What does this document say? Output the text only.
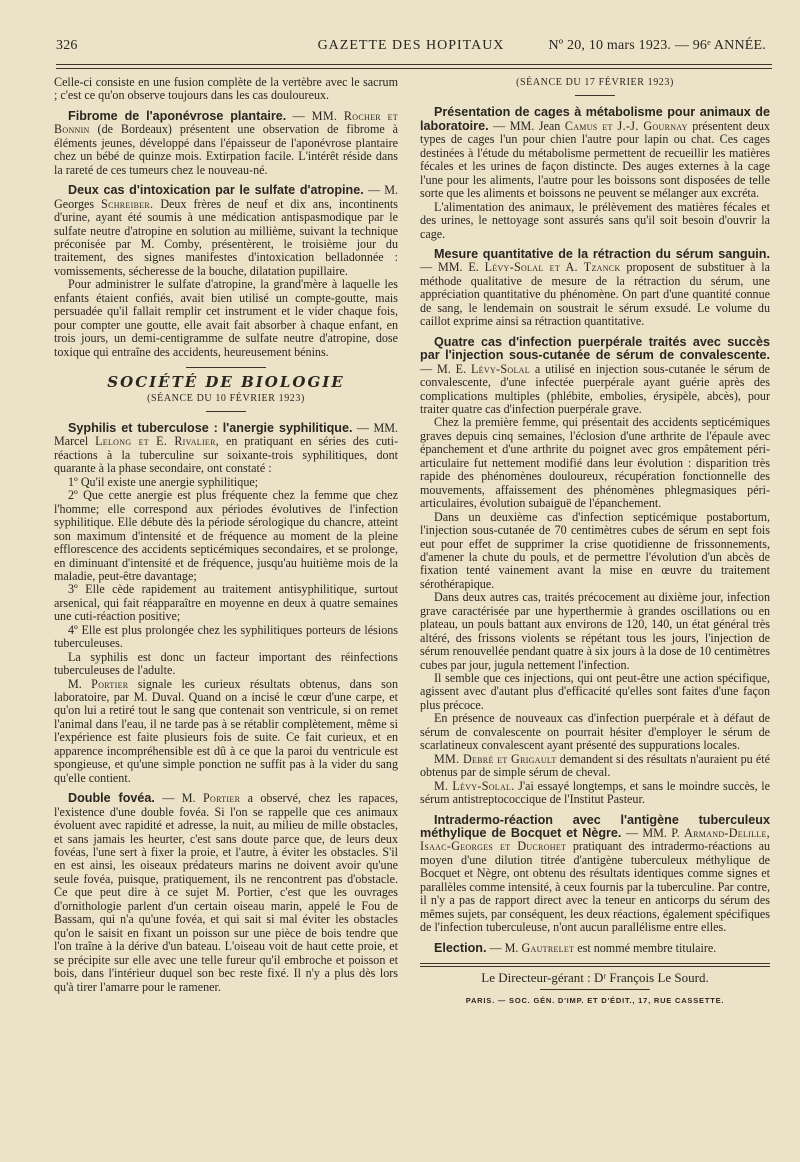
326	GAZETTE DES HOPITAUX	Nº 20, 10 mars 1923. — 96ᵉ ANNÉE.

Celle-ci consiste en une fusion complète de la vertèbre avec le sacrum ; c'est ce qu'on observe toujours dans les cas douloureux.

Fibrome de l'aponévrose plantaire. — MM. Rocher et Bonnin (de Bordeaux) présentent une observation de fibrome à éléments jeunes, développé dans l'épaisseur de l'aponévrose plantaire chez un bébé de quinze mois. Extirpation facile. L'intérêt réside dans la rareté de ces tumeurs chez le nouveau-né.

Deux cas d'intoxication par le sulfate d'atropine. — M. Georges Schreiber. Deux frères de neuf et dix ans, incontinents d'urine, ayant été soumis à une médication antispasmodique par le sulfate neutre d'atropine en solution au millième, suivant la technique préconisée par M. Comby, présentèrent, le troisième jour du traitement, des signes manifestes d'intoxication belladonnée : vomissements, sécheresse de la bouche, dilatation pupillaire.

Pour administrer le sulfate d'atropine, la grand'mère à laquelle les enfants étaient confiés, avait bien utilisé un compte-goutte, mais persuadée qu'il fallait remplir cet instrument et le vider chaque fois, pour compter une goutte, elle avait fait absorber à chaque enfant, en trois jours, un demi-centigramme de sulfate neutre d'atropine, dose toxique qui entraîne des accidents, heureusement bénins.

SOCIÉTÉ DE BIOLOGIE
(SÉANCE DU 10 FÉVRIER 1923)

Syphilis et tuberculose : l'anergie syphilitique. — MM. Marcel Lelong et E. Rivalier, en pratiquant en séries des cuti-réactions à la tuberculine sur soixante-trois syphilitiques, dont quarante à la phase secondaire, ont constaté :

1º Qu'il existe une anergie syphilitique;

2º Que cette anergie est plus fréquente chez la femme que chez l'homme; elle correspond aux périodes évolutives de l'infection syphilitique. Elle débute dès la période sérologique du chancre, atteint son maximum d'intensité et de fréquence au moment de la pleine efflorescence des accidents septicémiques secondaires, et se prolonge, en diminuant d'intensité et de fréquence, jusqu'au huitième mois de la maladie, peut-être davantage;

3º Elle cède rapidement au traitement antisyphilitique, surtout arsenical, qui fait réapparaître en moyenne en deux à quatre semaines une cuti-réaction positive;

4º Elle est plus prolongée chez les syphilitiques porteurs de lésions tuberculeuses.

La syphilis est donc un facteur important des réinfections tuberculeuses de l'adulte.

M. Portier signale les curieux résultats obtenus, dans son laboratoire, par M. Duval. Quand on a incisé le cœur d'une carpe, et qu'on lui a retiré tout le sang que contenait son ventricule, si on remet l'animal dans l'eau, il ne tarde pas à se rétablir complètement, même si l'expérience est faite plusieurs fois de suite. Ce fait curieux, et en apparence incompréhensible est dû à ce que la paroi du ventricule est spongieuse, et qu'une simple ponction ne suffit pas à la vider du sang qu'elle contient.

Double fovéa. — M. Portier a observé, chez les rapaces, l'existence d'une double fovéa. Si l'on se rappelle que ces animaux évoluent avec rapidité et adresse, la nuit, au milieu de mille obstacles, et sans jamais les heurter, c'est sans doute parce que, de leurs deux fovéas, l'une sert à fixer la proie, et l'autre, à éviter les obstacles. S'il en est ainsi, les oiseaux prédateurs marins ne doivent avoir qu'une seule fovéa, puisque, pratiquement, ils ne rencontrent pas d'obstacle. Ce que peut dire à ce sujet M. Portier, c'est que les ouvrages d'ornithologie parlent d'un certain oiseau marin, appelé le Fou de Bassam, qui n'a qu'une fovéa, et qui sait si mal éviter les obstacles qu'on le saisit en fixant un poisson sur une pièce de bois tendre que l'on traîne à la dérive d'un bateau. L'oiseau voit de haut cette proie, et se précipite sur elle avec une telle fureur qu'il embroche et poisson et bois, dans l'intérieur duquel son bec reste fixé. Il n'y a plus dès lors qu'à tirer l'amarre pour le ramener.

(SÉANCE DU 17 FÉVRIER 1923)

Présentation de cages à métabolisme pour animaux de laboratoire. — MM. Jean Camus et J.-J. Gournay présentent deux types de cages l'un pour chien l'autre pour lapin ou chat. Ces cages destinées à l'étude du métabolisme permettent de recueillir les matières fécales et les urines de façon distincte. Des auges externes à la cage l'une pour les aliments, l'autre pour les boissons sont disposées de telle sorte que les aliments et boissons ne peuvent se mélanger aux excréta.

L'alimentation des animaux, le prélèvement des matières fécales et des urines, le nettoyage sont assurés sans qu'il soit besoin d'ouvrir la cage.

Mesure quantitative de la rétraction du sérum sanguin. — MM. E. Lévy-Solal et A. Tzanck proposent de substituer à la méthode qualitative de mesure de la rétraction du sérum, une appréciation quantitative du phénomène. On part d'une quantité connue de sang, le lendemain on soustrait le sérum exsudé. Le volume du caillot exprime ainsi sa rétraction quantitative.

Quatre cas d'infection puerpérale traités avec succès par l'injection sous-cutanée de sérum de convalescente. — M. E. Lévy-Solal a utilisé en injection sous-cutanée le sérum de convalescente, d'une infectée puerpérale ayant guérie après des complications multiples (phlébite, embolies, érysipèle, abcès), pour traiter quatre cas d'infection puerpérale grave.

Chez la première femme, qui présentait des accidents septicémiques graves depuis cinq semaines, l'éclosion d'une arthrite de l'épaule avec épanchement et d'une arthrite du poignet avec gros empâtement péri-articulaire fut nettement modifié dans leur évolution : disparition très rapide des phénomènes douloureux, récupération fonctionnelle des mouvements, affaissement des phénomènes phlegmasiques péri-articulaires, évolution subaiguë de l'épanchement.

Dans un deuxième cas d'infection septicémique postabortum, l'injection sous-cutanée de 70 centimètres cubes de sérum en sept fois eut pour effet de supprimer la crise quotidienne de frissonnements, d'amener la chute du pouls, et de permettre l'évolution d'un abcès de fixation tenté vainement avant la mise en œuvre du traitement sérothérapique.

Dans deux autres cas, traités précocement au dixième jour, infection grave caractérisée par une hyperthermie à grandes oscillations ou en plateau, un pouls battant aux environs de 120, 140, un état général très altéré, des frissons violents se répétant tous les jours, l'injection de sérum renouvellée pendant quatre à six jours à la dose de 10 centimètres cubes par jour, jugula nettement l'infection.

Il semble que ces injections, qui ont peut-être une action spécifique, agissent avec d'autant plus d'efficacité qu'elles sont faites d'une façon plus précoce.

En présence de nouveaux cas d'infection puerpérale et à défaut de sérum de convalescente on pourrait hésiter d'employer le sérum de scarlatineux convalescent ayant présenté des suppurations locales.

MM. Debré et Grigault demandent si des résultats n'auraient pu été obtenus par de simple sérum de cheval.

M. Lévy-Solal. J'ai essayé longtemps, et sans le moindre succès, le sérum antistreptococcique de l'Institut Pasteur.

Intradermo-réaction avec l'antigène tuberculeux méthylique de Bocquet et Nègre. — MM. P. Armand-Delille, Isaac-Georges et Ducrohet pratiquant des intradermo-réactions au moyen d'une dilution titrée d'antigène tuberculeux méthylique de Bocquet et Nègre, ont obtenu des résultats identiques comme signes et parallèles comme intensité, à ceux fournis par la tuberculine. Par contre, il n'y a pas de rapport direct avec la teneur en anticorps du sérum des mêmes sujets, par conséquent, les deux réactions, également spécifiques de l'infection tuberculeuse, n'ont aucun parallélisme entre elles.

Election. — M. Gautrelet est nommé membre titulaire.

Le Directeur-gérant : Dʳ François Le Sourd.
PARIS. — SOC. GÉN. D'IMP. ET D'ÉDIT., 17, RUE CASSETTE.
